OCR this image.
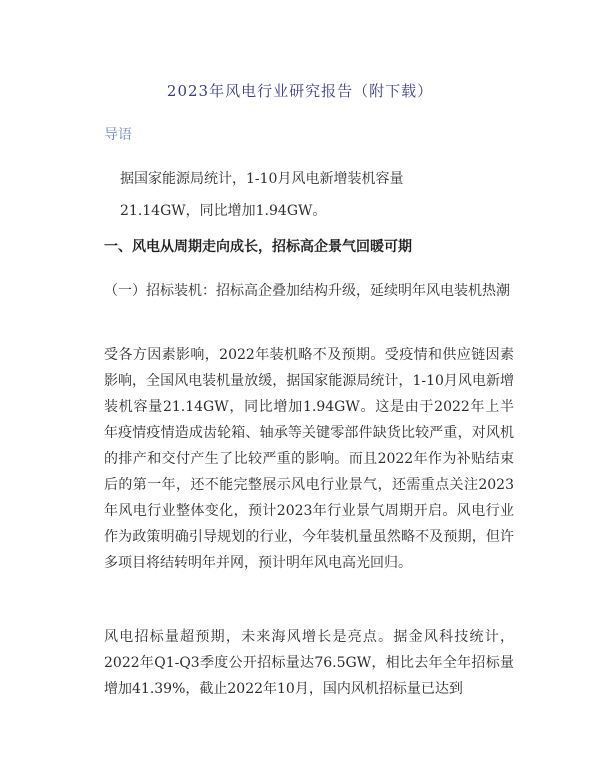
2023年风电行业研究报告（附下载）
导语
据国家能源局统计，1-10月风电新增装机容量
21.14GW，同比增加1.94GW。
一、风电从周期走向成长，招标高企景气回暖可期
（一）招标装机：招标高企叠加结构升级，延续明年风电装机热潮
受各方因素影响，2022年装机略不及预期。受疫情和供应链因素影响，全国风电装机量放缓，据国家能源局统计，1-10月风电新增装机容量21.14GW，同比增加1.94GW。这是由于2022年上半年疫情疫情造成齿轮箱、轴承等关键零部件缺货比较严重，对风机的排产和交付产生了比较严重的影响。而且2022年作为补贴结束后的第一年，还不能完整展示风电行业景气，还需重点关注2023年风电行业整体变化，预计2023年行业景气周期开启。风电行业作为政策明确引导规划的行业，今年装机量虽然略不及预期，但许多项目将结转明年并网，预计明年风电高光回归。
风电招标量超预期，未来海风增长是亮点。据金风科技统计，2022年Q1-Q3季度公开招标量达76.5GW，相比去年全年招标量增加41.39%，截止2022年10月，国内风机招标量已达到
